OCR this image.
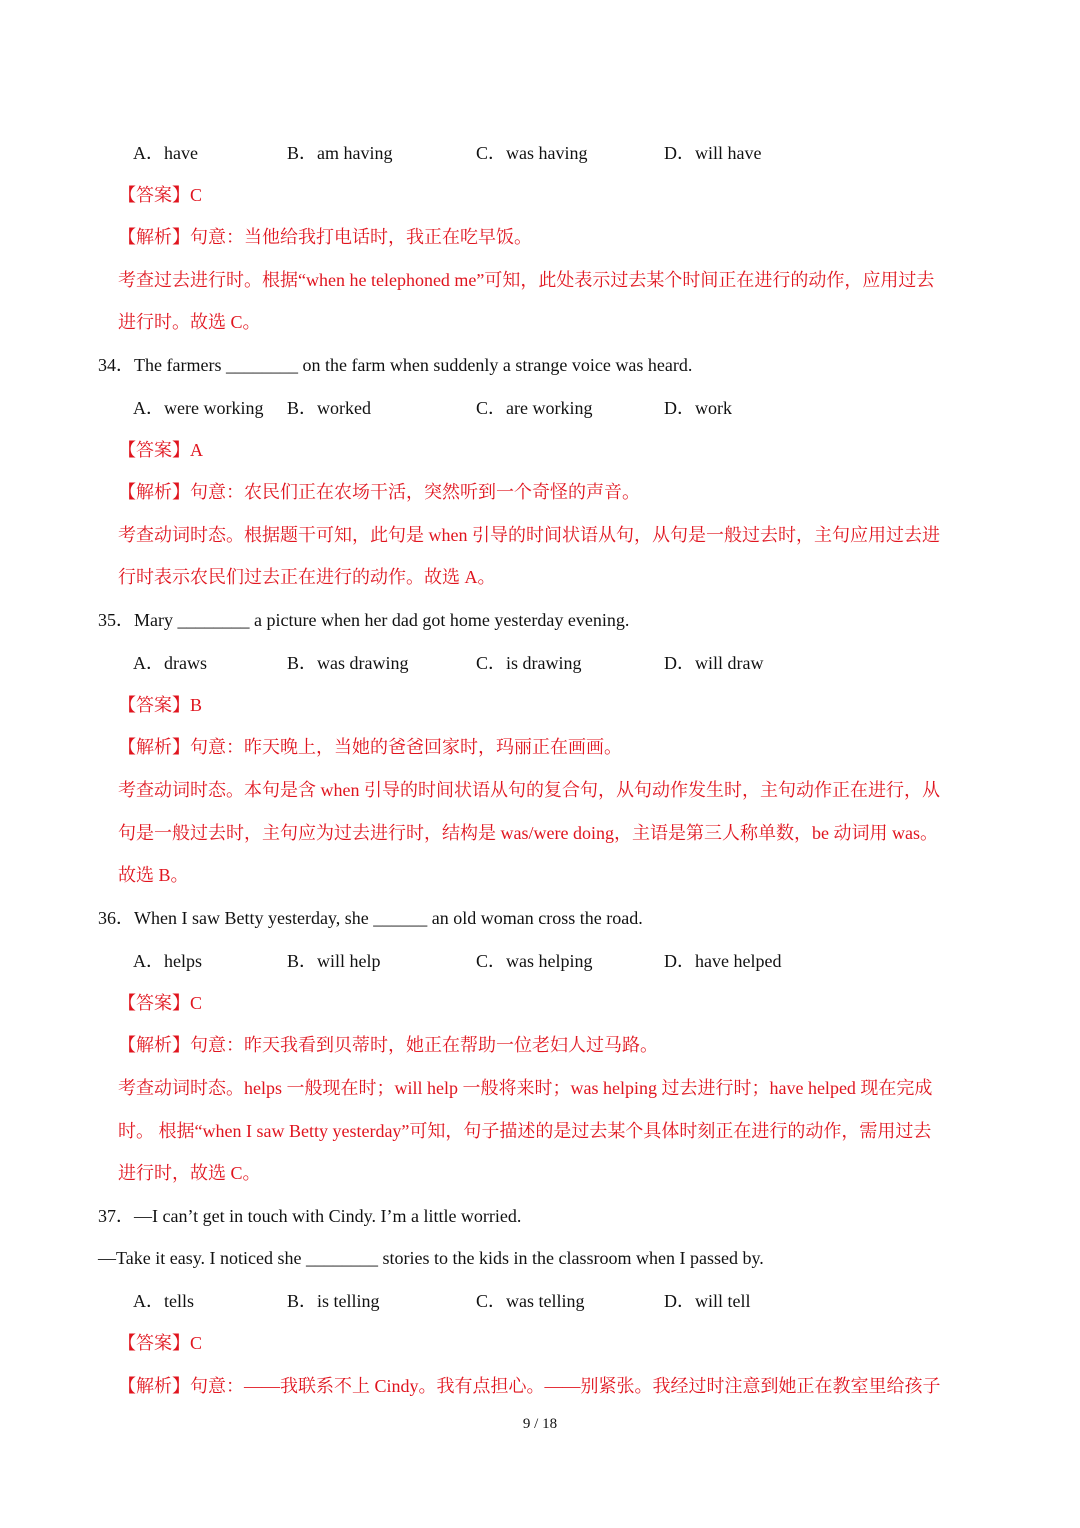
A．have	B．am having	C．was having	D．will have
【答案】C
【解析】句意：当他给我打电话时，我正在吃早饭。
考查过去进行时。根据“when he telephoned me”可知，此处表示过去某个时间正在进行的动作，应用过去
进行时。故选 C。
34．The farmers ________ on the farm when suddenly a strange voice was heard.
A．were working B．worked	C．are working	D．work
【答案】A
【解析】句意：农民们正在农场干活，突然听到一个奇怪的声音。
考查动词时态。根据题干可知，此句是 when 引导的时间状语从句，从句是一般过去时，主句应用过去进
行时表示农民们过去正在进行的动作。故选 A。
35．Mary ________ a picture when her dad got home yesterday evening.
A．draws	B．was drawing	C．is drawing	D．will draw
【答案】B
【解析】句意：昨天晚上，当她的爸爸回家时，玛丽正在画画。
考查动词时态。本句是含 when 引导的时间状语从句的复合句，从句动作发生时，主句动作正在进行，从
句是一般过去时，主句应为过去进行时，结构是 was/were doing，主语是第三人称单数，be 动词用 was。
故选 B。
36．When I saw Betty yesterday, she ______ an old woman cross the road.
A．helps	B．will help	C．was helping	D．have helped
【答案】C
【解析】句意：昨天我看到贝蒂时，她正在帮助一位老妇人过马路。
考查动词时态。helps 一般现在时；will help 一般将来时；was helping 过去进行时；have helped 现在完成
时。 根据“when I saw Betty yesterday”可知，句子描述的是过去某个具体时刻正在进行的动作，需用过去
进行时，故选 C。
37．—I can’t get in touch with Cindy. I’m a little worried.
—Take it easy. I noticed she ________ stories to the kids in the classroom when I passed by.
A．tells	B．is telling	C．was telling	D．will tell
【答案】C
【解析】句意：——我联系不上 Cindy。我有点担心。——别紧张。我经过时注意到她正在教室里给孩子
9 / 18
